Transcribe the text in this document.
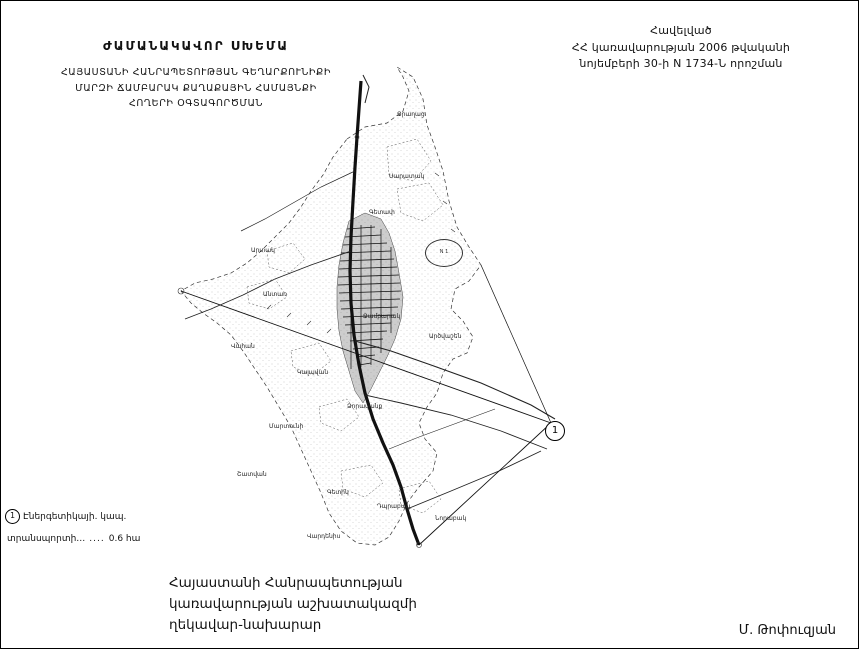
Հավելված
ՀՀ կառավարության 2006 թվականի
նոյեմբերի 30-ի N 1734-Ն որոշման
ԺԱՄԱՆԱԿԱՎՈՐ ՍԽԵՄԱ
ՀԱՅԱՍՏԱՆԻ ՀԱՆՐԱՊԵՏՈՒԹՅԱՆ ԳԵՂԱՐՔՈՒՆԻՔԻ
ՄԱՐԶԻ ՃԱՄԲԱՐԱԿ ՔԱՂԱՔԱՅԻՆ ՀԱՄԱՅՆՔԻ
ՀՈՂԵՐԻ ՕԳՏԱԳՈՐԾՄԱՆ
Ջրաղաց
Սարատակ
Գետափ
Արտակ
Անտառ
Ջամբարակ
Արծվաշեն
Վահան
Կալավան
Ձորավանք
Մարտունի
Շատվան
Գետիկ
Դպրաբակ
Նորաբակ
Վարդենիս
N 1
1
1 Էներգետիկայի. կապ.
տրանսպորտի… .... 0.6 հա
Հայաստանի Հանրապետության
կառավարության աշխատակազմի
ղեկավար-նախարար	Մ. Թոփուզյան
